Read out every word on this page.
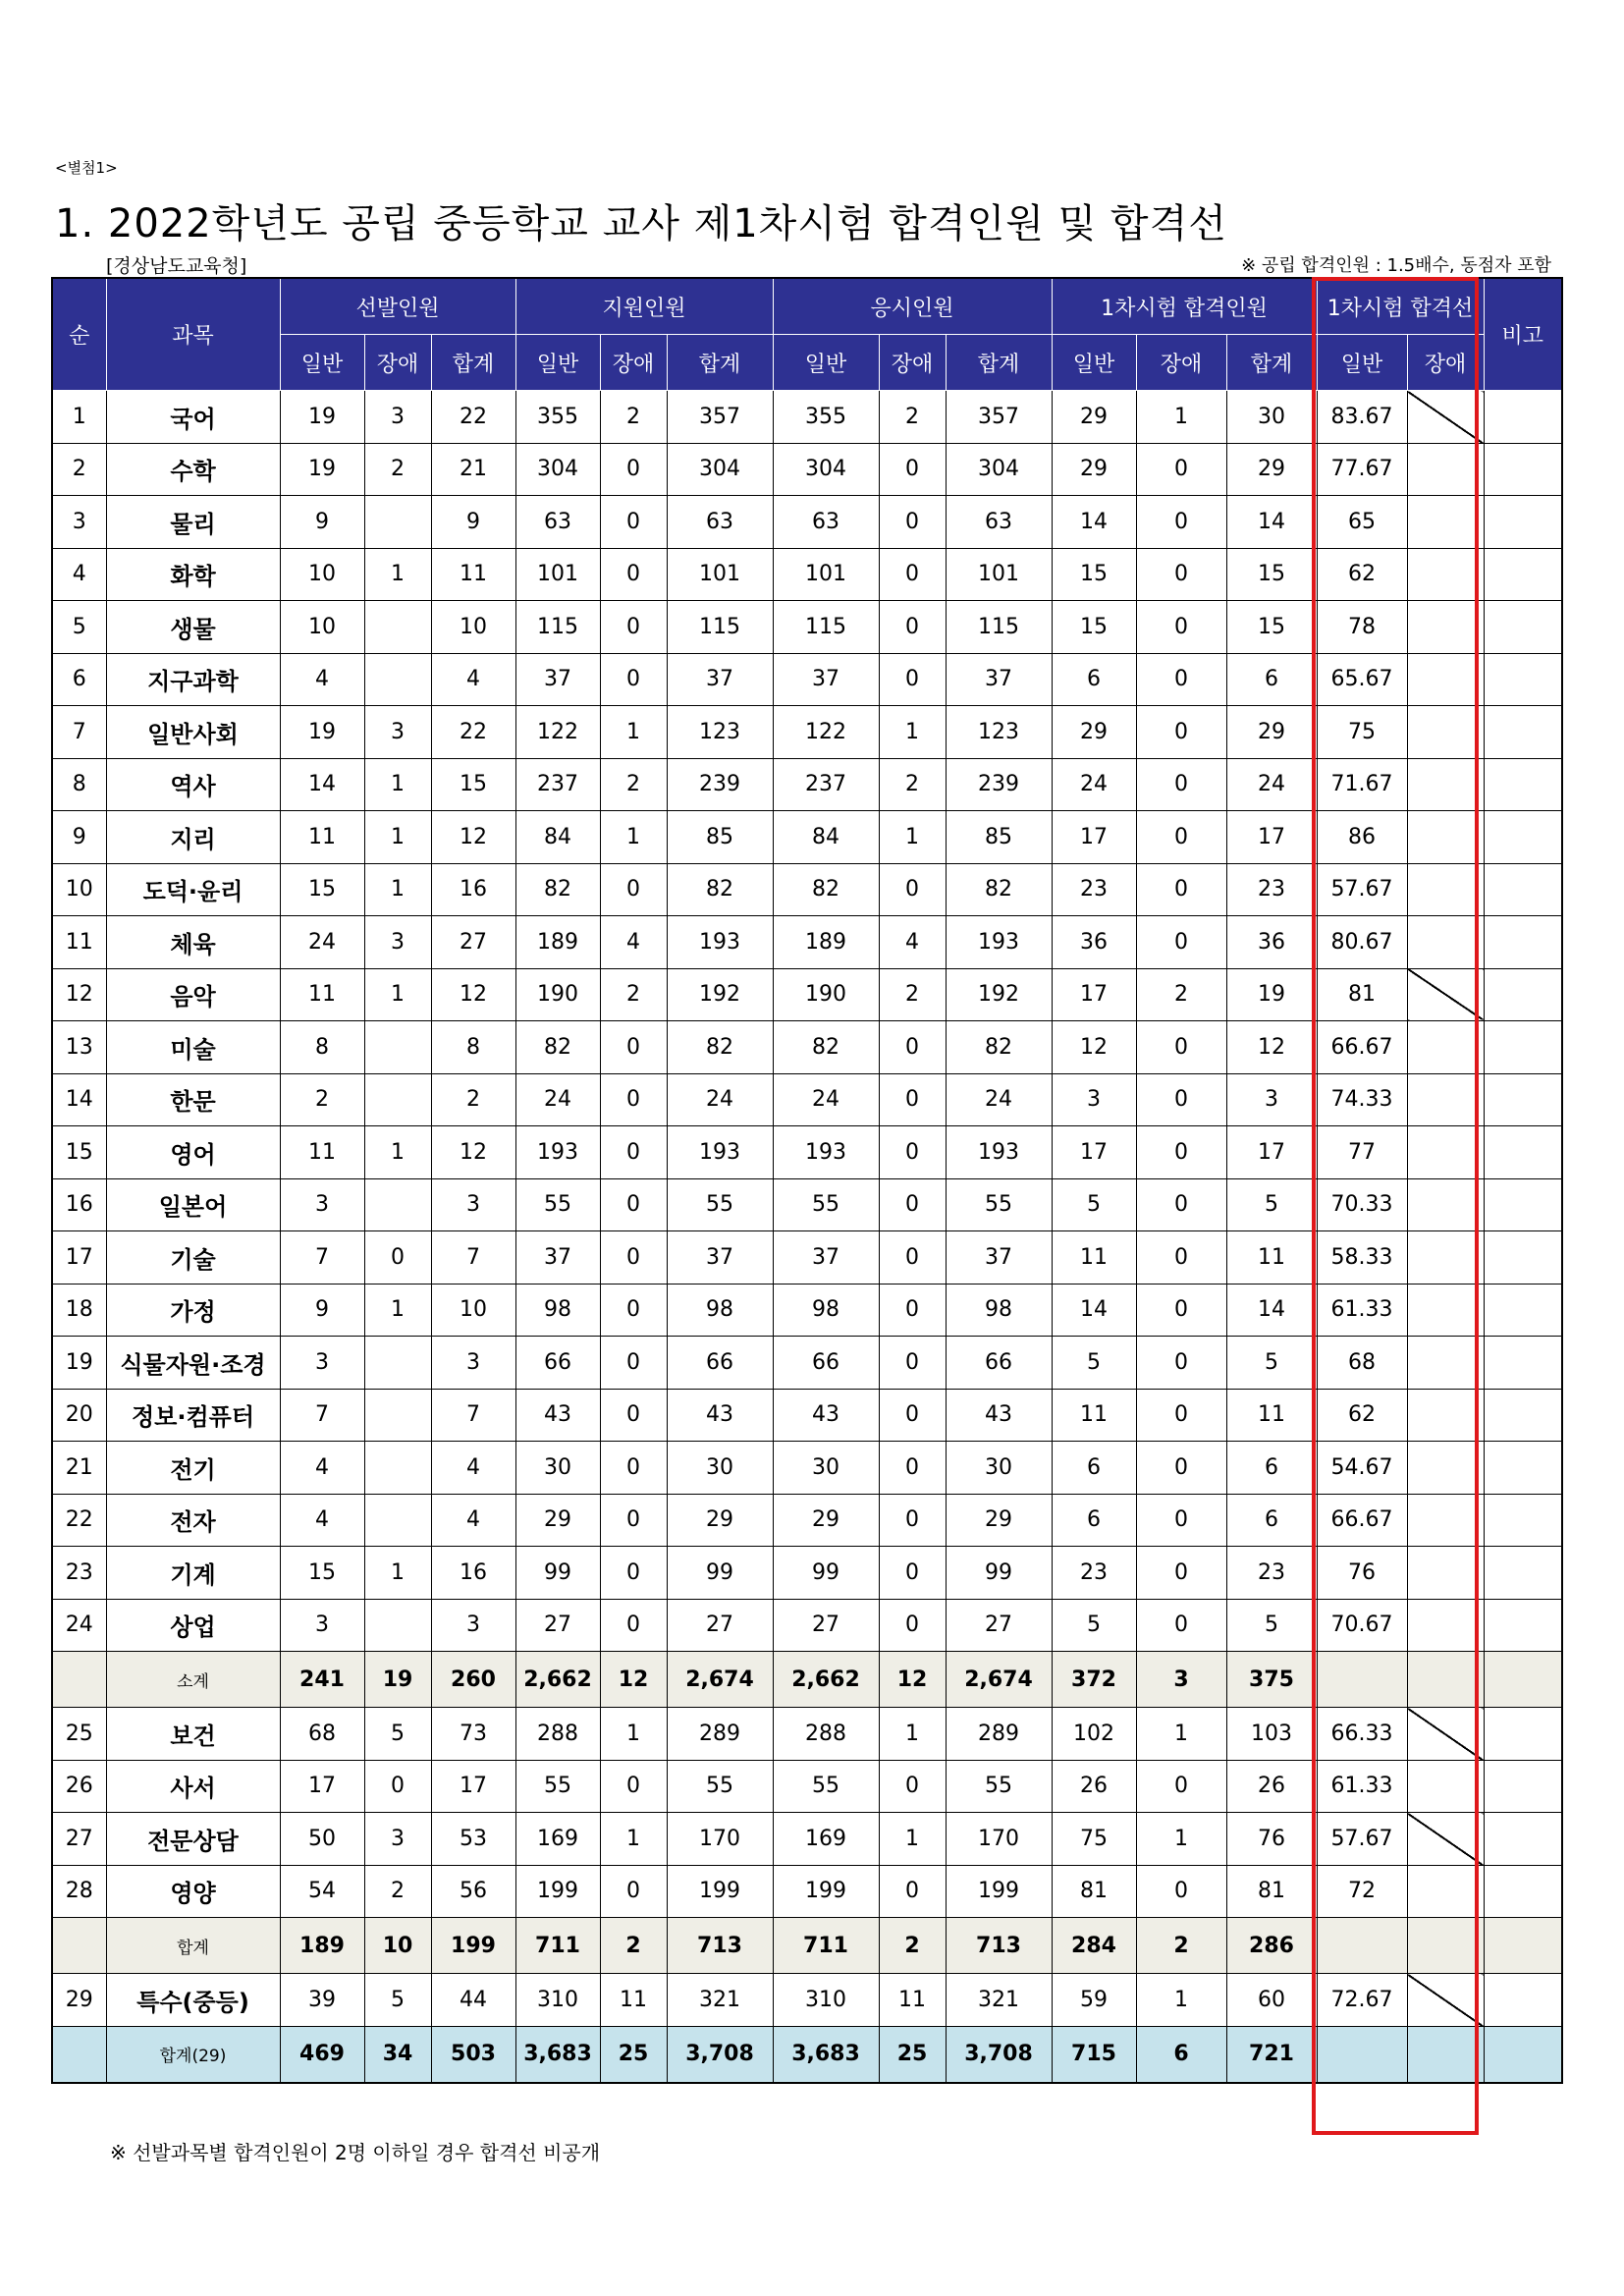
<별첨1>
1. 2022학년도 공립 중등학교 교사 제1차시험 합격인원 및 합격선
[경상남도교육청]	※ 공립 합격인원 : 1.5배수, 동점자 포함
순	과목	선발인원			지원인원			응시인원			1차시험 합격인원			1차시험 합격선		비고
		일반	장애	합계	일반	장애	합계	일반	장애	합계	일반	장애	합계	일반	장애	
1	국어	19	3	22	355	2	357	355	2	357	29	1	30	83.67		
2	수학	19	2	21	304	0	304	304	0	304	29	0	29	77.67		
3	물리	9		9	63	0	63	63	0	63	14	0	14	65		
4	화학	10	1	11	101	0	101	101	0	101	15	0	15	62		
5	생물	10		10	115	0	115	115	0	115	15	0	15	78		
6	지구과학	4		4	37	0	37	37	0	37	6	0	6	65.67		
7	일반사회	19	3	22	122	1	123	122	1	123	29	0	29	75		
8	역사	14	1	15	237	2	239	237	2	239	24	0	24	71.67		
9	지리	11	1	12	84	1	85	84	1	85	17	0	17	86		
10	도덕·윤리	15	1	16	82	0	82	82	0	82	23	0	23	57.67		
11	체육	24	3	27	189	4	193	189	4	193	36	0	36	80.67		
12	음악	11	1	12	190	2	192	190	2	192	17	2	19	81		
13	미술	8		8	82	0	82	82	0	82	12	0	12	66.67		
14	한문	2		2	24	0	24	24	0	24	3	0	3	74.33		
15	영어	11	1	12	193	0	193	193	0	193	17	0	17	77		
16	일본어	3		3	55	0	55	55	0	55	5	0	5	70.33		
17	기술	7	0	7	37	0	37	37	0	37	11	0	11	58.33		
18	가정	9	1	10	98	0	98	98	0	98	14	0	14	61.33		
19	식물자원·조경	3		3	66	0	66	66	0	66	5	0	5	68		
20	정보·컴퓨터	7		7	43	0	43	43	0	43	11	0	11	62		
21	전기	4		4	30	0	30	30	0	30	6	0	6	54.67		
22	전자	4		4	29	0	29	29	0	29	6	0	6	66.67		
23	기계	15	1	16	99	0	99	99	0	99	23	0	23	76		
24	상업	3		3	27	0	27	27	0	27	5	0	5	70.67		
	소계	241	19	260	2,662	12	2,674	2,662	12	2,674	372	3	375			
25	보건	68	5	73	288	1	289	288	1	289	102	1	103	66.33		
26	사서	17	0	17	55	0	55	55	0	55	26	0	26	61.33		
27	전문상담	50	3	53	169	1	170	169	1	170	75	1	76	57.67		
28	영양	54	2	56	199	0	199	199	0	199	81	0	81	72		
	합계	189	10	199	711	2	713	711	2	713	284	2	286			
29	특수(중등)	39	5	44	310	11	321	310	11	321	59	1	60	72.67		
	합계(29)	469	34	503	3,683	25	3,708	3,683	25	3,708	715	6	721			
※ 선발과목별 합격인원이 2명 이하일 경우 합격선 비공개
